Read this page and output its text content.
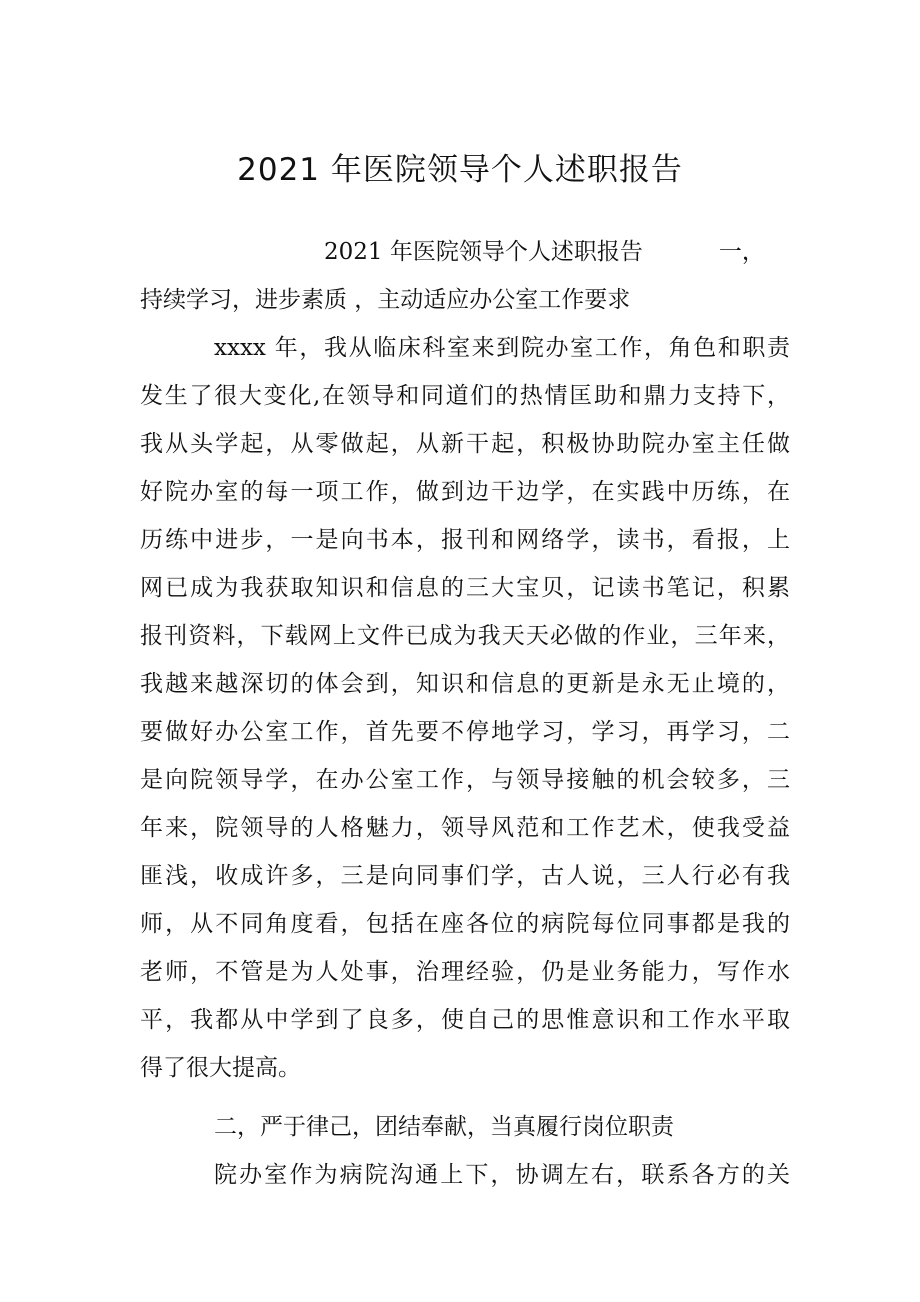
2021 年医院领导个人述职报告
2021 年医院领导个人述职报告	一，
持续学习，进步素质 ，主动适应办公室工作要求
xxxx 年，我从临床科室来到院办室工作，角色和职责
发生了很大变化,在领导和同道们的热情匡助和鼎力支持下，
我从头学起，从零做起，从新干起，积极协助院办室主任做
好院办室的每一项工作，做到边干边学，在实践中历练，在
历练中进步，一是向书本，报刊和网络学，读书，看报，上
网已成为我获取知识和信息的三大宝贝，记读书笔记，积累
报刊资料，下载网上文件已成为我天天必做的作业，三年来，
我越来越深切的体会到，知识和信息的更新是永无止境的，
要做好办公室工作，首先要不停地学习，学习，再学习，二
是向院领导学，在办公室工作，与领导接触的机会较多，三
年来，院领导的人格魅力，领导风范和工作艺术，使我受益
匪浅，收成许多，三是向同事们学，古人说，三人行必有我
师，从不同角度看，包括在座各位的病院每位同事都是我的
老师，不管是为人处事，治理经验，仍是业务能力，写作水
平，我都从中学到了良多，使自己的思惟意识和工作水平取
得了很大提高。
二，严于律己，团结奉献，当真履行岗位职责
院办室作为病院沟通上下，协调左右，联系各方的关
